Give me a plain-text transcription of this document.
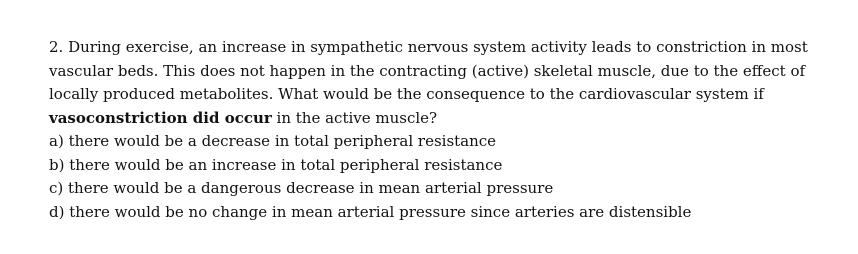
2. During exercise, an increase in sympathetic nervous system activity leads to constriction in most
vascular beds. This does not happen in the contracting (active) skeletal muscle, due to the effect of
locally produced metabolites. What would be the consequence to the cardiovascular system if
vasoconstriction did occur in the active muscle?
a) there would be a decrease in total peripheral resistance
b) there would be an increase in total peripheral resistance
c) there would be a dangerous decrease in mean arterial pressure
d) there would be no change in mean arterial pressure since arteries are distensible
